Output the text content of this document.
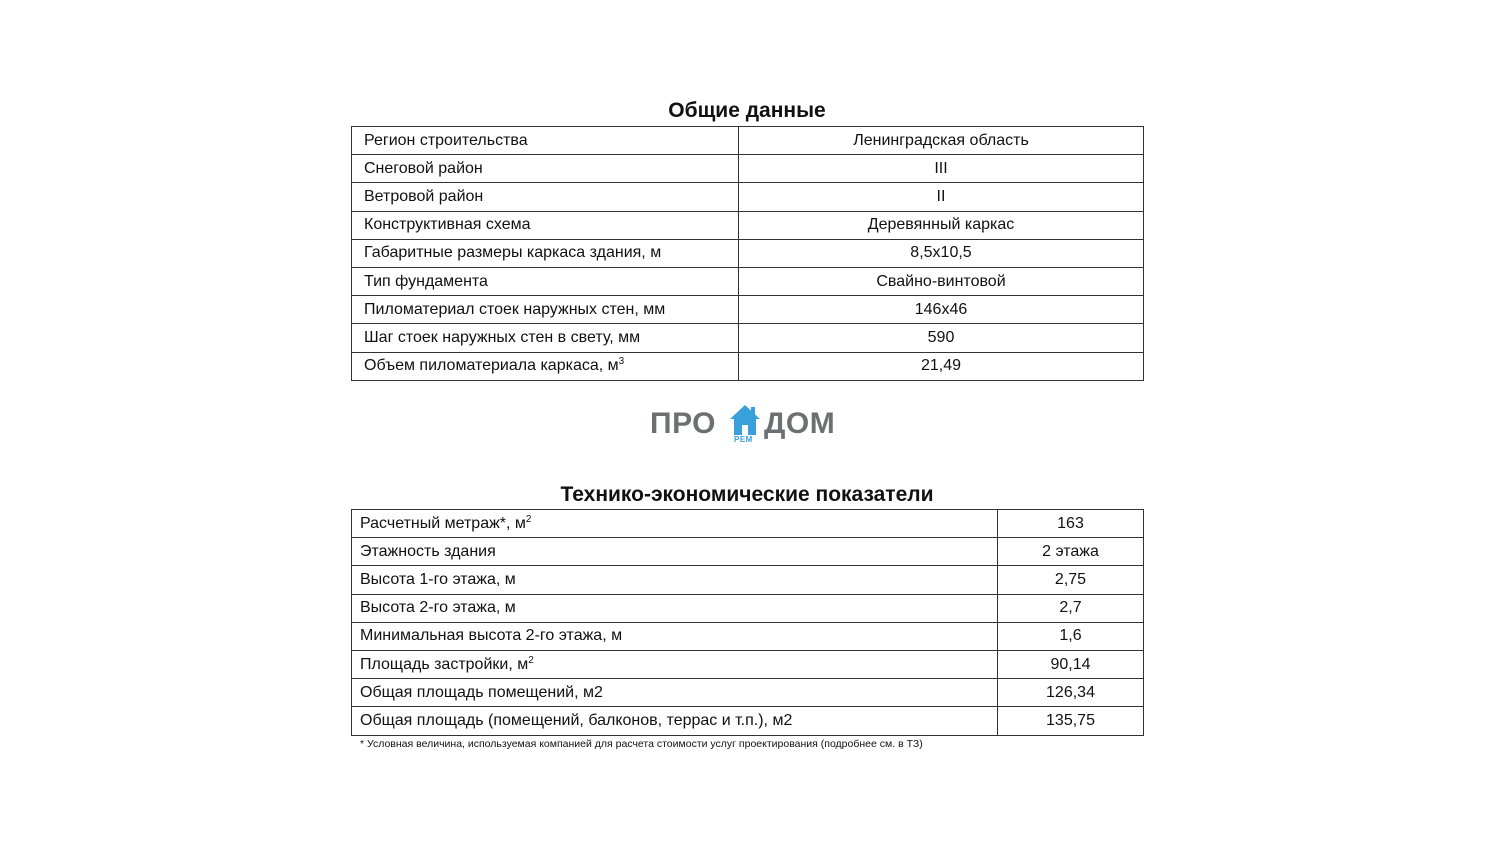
Общие данные
Регион строительства	Ленинградская область
Снеговой район	III
Ветровой район	II
Конструктивная схема	Деревянный каркас
Габаритные размеры каркаса здания, м	8,5x10,5
Тип фундамента	Свайно-винтовой
Пиломатериал стоек наружных стен, мм	146x46
Шаг стоек наружных стен в свету, мм	590
Объем пиломатериала каркаса, $м^3$	21,49
ПРО РЕМ ДОМ
Технико-экономические показатели
Расчетный метраж*, $м^2$	163
Этажность здания	2 этажа
Высота 1-го этажа, м	2,75
Высота 2-го этажа, м	2,7
Минимальная высота 2-го этажа, м	1,6
Площадь застройки, $м^2$	90,14
Общая площадь помещений, м2	126,34
Общая площадь (помещений, балконов, террас и т.п.), м2	135,75
* Условная величина, используемая компанией для расчета стоимости услуг проектирования (подробнее см. в ТЗ)
